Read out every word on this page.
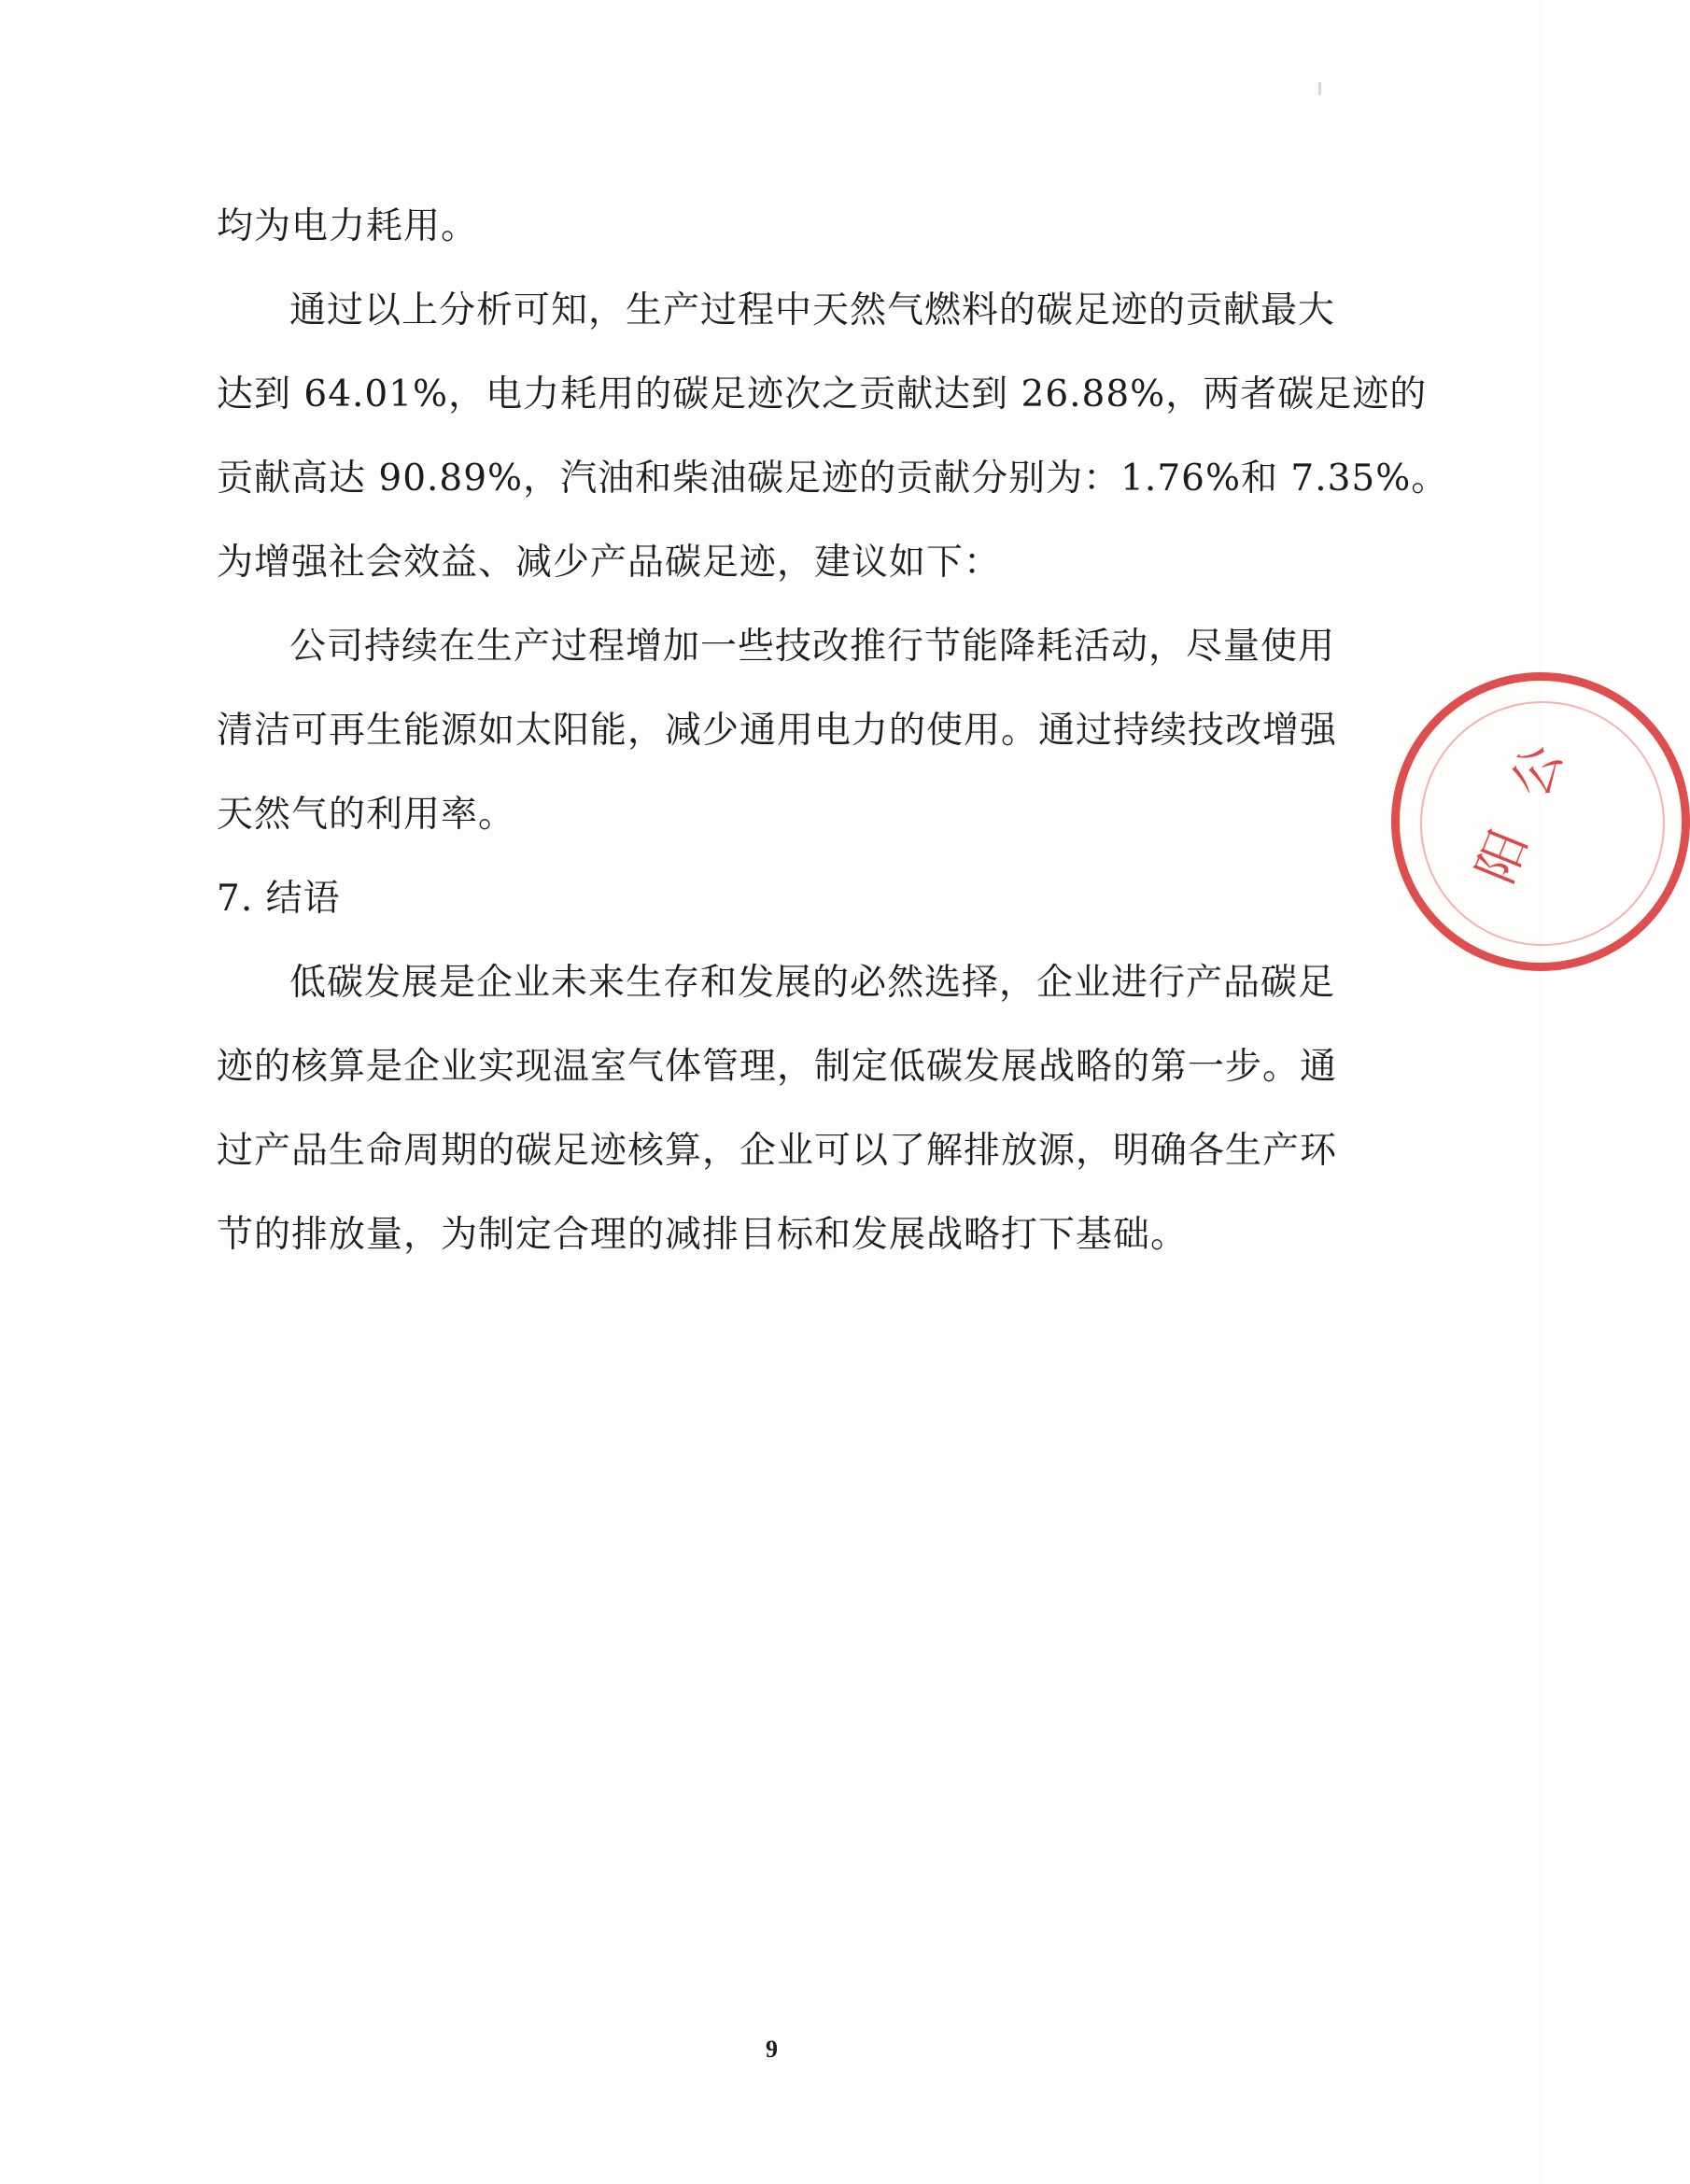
均为电力耗用。
通过以上分析可知，生产过程中天然气燃料的碳足迹的贡献最大
达到 64.01%，电力耗用的碳足迹次之贡献达到 26.88%，两者碳足迹的
贡献高达 90.89%，汽油和柴油碳足迹的贡献分别为：1.76%和 7.35%。
为增强社会效益、减少产品碳足迹，建议如下：
公司持续在生产过程增加一些技改推行节能降耗活动，尽量使用
清洁可再生能源如太阳能，减少通用电力的使用。通过持续技改增强
天然气的利用率。
7. 结语
低碳发展是企业未来生存和发展的必然选择，企业进行产品碳足
迹的核算是企业实现温室气体管理，制定低碳发展战略的第一步。通
过产品生命周期的碳足迹核算，企业可以了解排放源，明确各生产环
节的排放量，为制定合理的减排目标和发展战略打下基础。
阳 公
9
